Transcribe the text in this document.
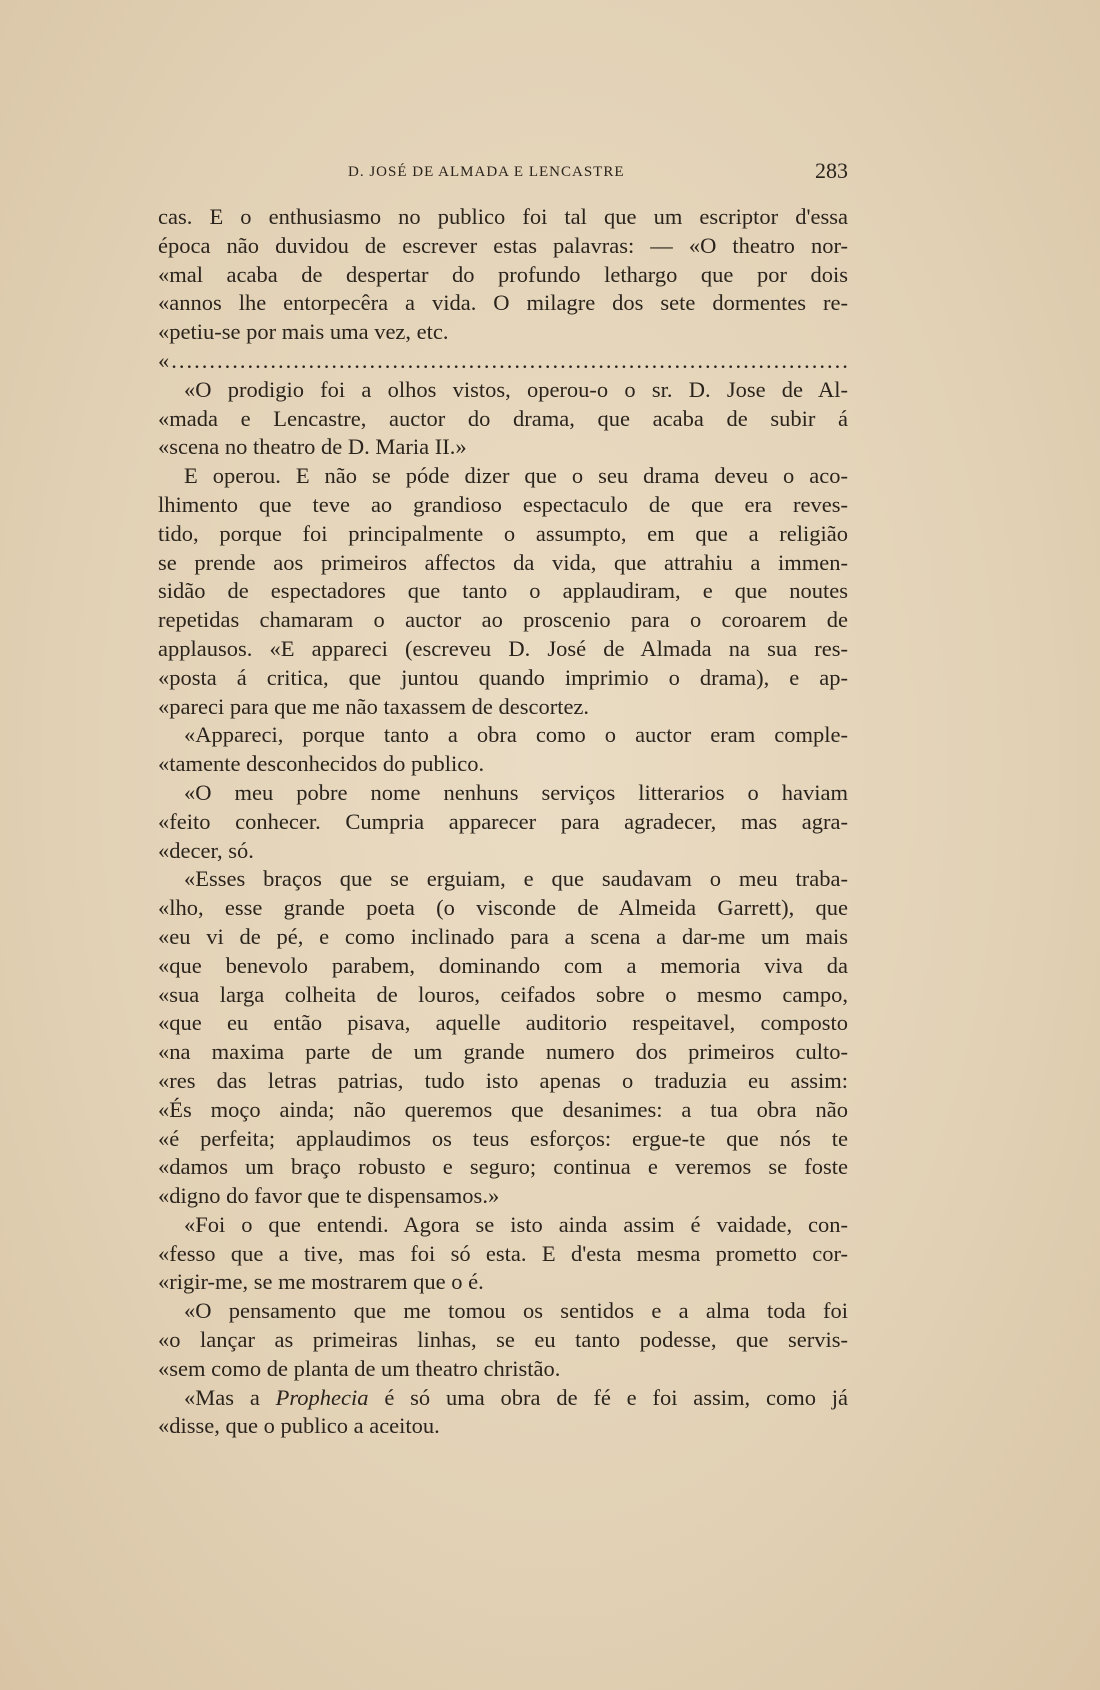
D. JOSÉ DE ALMADA E LENCASTRE	283
cas. E o enthusiasmo no publico foi tal que um escriptor d'essa
época não duvidou de escrever estas palavras: — «O theatro nor-
«mal acaba de despertar do profundo lethargo que por dois
«annos lhe entorpecêra a vida. O milagre dos sete dormentes re-
«petiu-se por mais uma vez, etc.
« .....
«O prodigio foi a olhos vistos, operou-o o sr. D. Jose de Al-
«mada e Lencastre, auctor do drama, que acaba de subir á
«scena no theatro de D. Maria II.»
E operou. E não se póde dizer que o seu drama deveu o aco-
lhimento que teve ao grandioso espectaculo de que era reves-
tido, porque foi principalmente o assumpto, em que a religião
se prende aos primeiros affectos da vida, que attrahiu a immen-
sidão de espectadores que tanto o applaudiram, e que noutes
repetidas chamaram o auctor ao proscenio para o coroarem de
applausos. «E appareci (escreveu D. José de Almada na sua res-
«posta á critica, que juntou quando imprimio o drama), e ap-
«pareci para que me não taxassem de descortez.
«Appareci, porque tanto a obra como o auctor eram comple-
«tamente desconhecidos do publico.
«O meu pobre nome nenhuns serviços litterarios o haviam
«feito conhecer. Cumpria apparecer para agradecer, mas agra-
«decer, só.
«Esses braços que se erguiam, e que saudavam o meu traba-
«lho, esse grande poeta (o visconde de Almeida Garrett), que
«eu vi de pé, e como inclinado para a scena a dar-me um mais
«que benevolo parabem, dominando com a memoria viva da
«sua larga colheita de louros, ceifados sobre o mesmo campo,
«que eu então pisava, aquelle auditorio respeitavel, composto
«na maxima parte de um grande numero dos primeiros culto-
«res das letras patrias, tudo isto apenas o traduzia eu assim:
«És moço ainda; não queremos que desanimes: a tua obra não
«é perfeita; applaudimos os teus esforços: ergue-te que nós te
«damos um braço robusto e seguro; continua e veremos se foste
«digno do favor que te dispensamos.»
«Foi o que entendi. Agora se isto ainda assim é vaidade, con-
«fesso que a tive, mas foi só esta. E d'esta mesma prometto cor-
«rigir-me, se me mostrarem que o é.
«O pensamento que me tomou os sentidos e a alma toda foi
«o lançar as primeiras linhas, se eu tanto podesse, que servis-
«sem como de planta de um theatro christão.
«Mas a Prophecia é só uma obra de fé e foi assim, como já
«disse, que o publico a aceitou.
